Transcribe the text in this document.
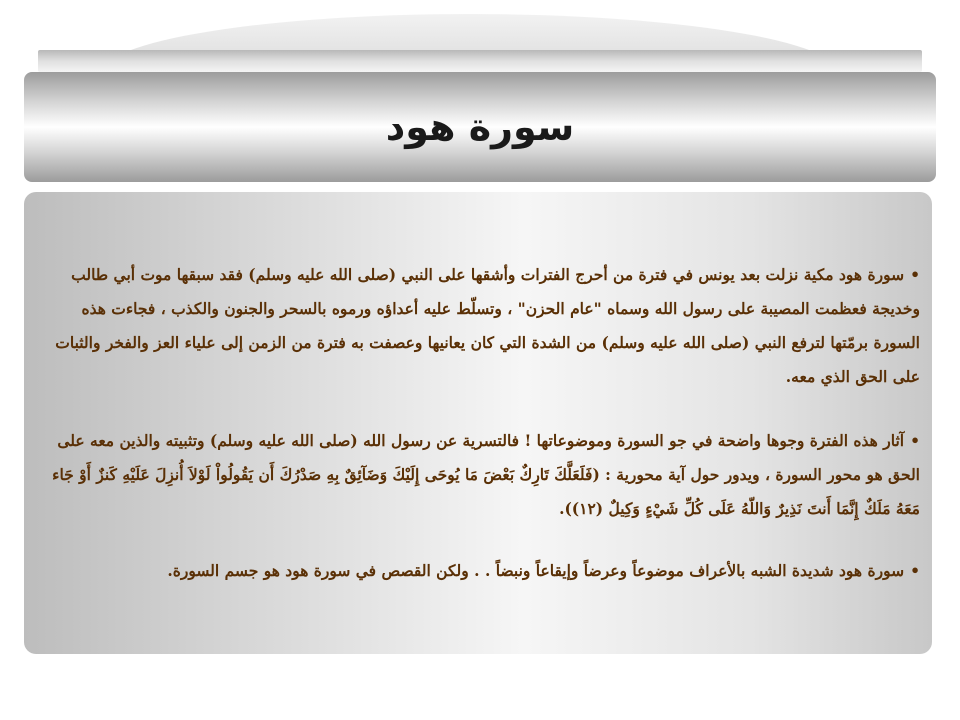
سورة هود

•سورة هود مكية نزلت بعد يونس في فترة من أحرج الفترات وأشقها على النبي (صلى الله عليه وسلم) فقد سبقها موت أبي طالب وخديجة فعظمت المصيبة على رسول الله وسماه "عام الحزن" ، وتسلّط عليه أعداؤه ورموه بالسحر والجنون والكذب ، فجاءت هذه السورة برمّتها لترفع النبي (صلى الله عليه وسلم) من الشدة التي كان يعانيها وعصفت به فترة من الزمن إلى علياء العز والفخر والثبات على الحق الذي معه.

•آثار هذه الفترة وجوها واضحة في جو السورة وموضوعاتها ! فالتسرية عن رسول الله (صلى الله عليه وسلم) وتثبيته والذين معه على الحق هو محور السورة ، ويدور حول آية محورية : (فَلَعَلَّكَ تَارِكٌ بَعْضَ مَا يُوحَى إِلَيْكَ وَضَآئِقٌ بِهِ صَدْرُكَ أَن يَقُولُواْ لَوْلاَ أُنزِلَ عَلَيْهِ كَنزٌ أَوْ جَاء مَعَهُ مَلَكٌ إِنَّمَا أَنتَ نَذِيرٌ وَاللّهُ عَلَى كُلِّ شَيْءٍ وَكِيلٌ (١٢)).

•سورة هود شديدة الشبه بالأعراف موضوعاً وعرضاً وإيقاعاً ونبضاً . . ولكن القصص في سورة هود هو جسم السورة.
